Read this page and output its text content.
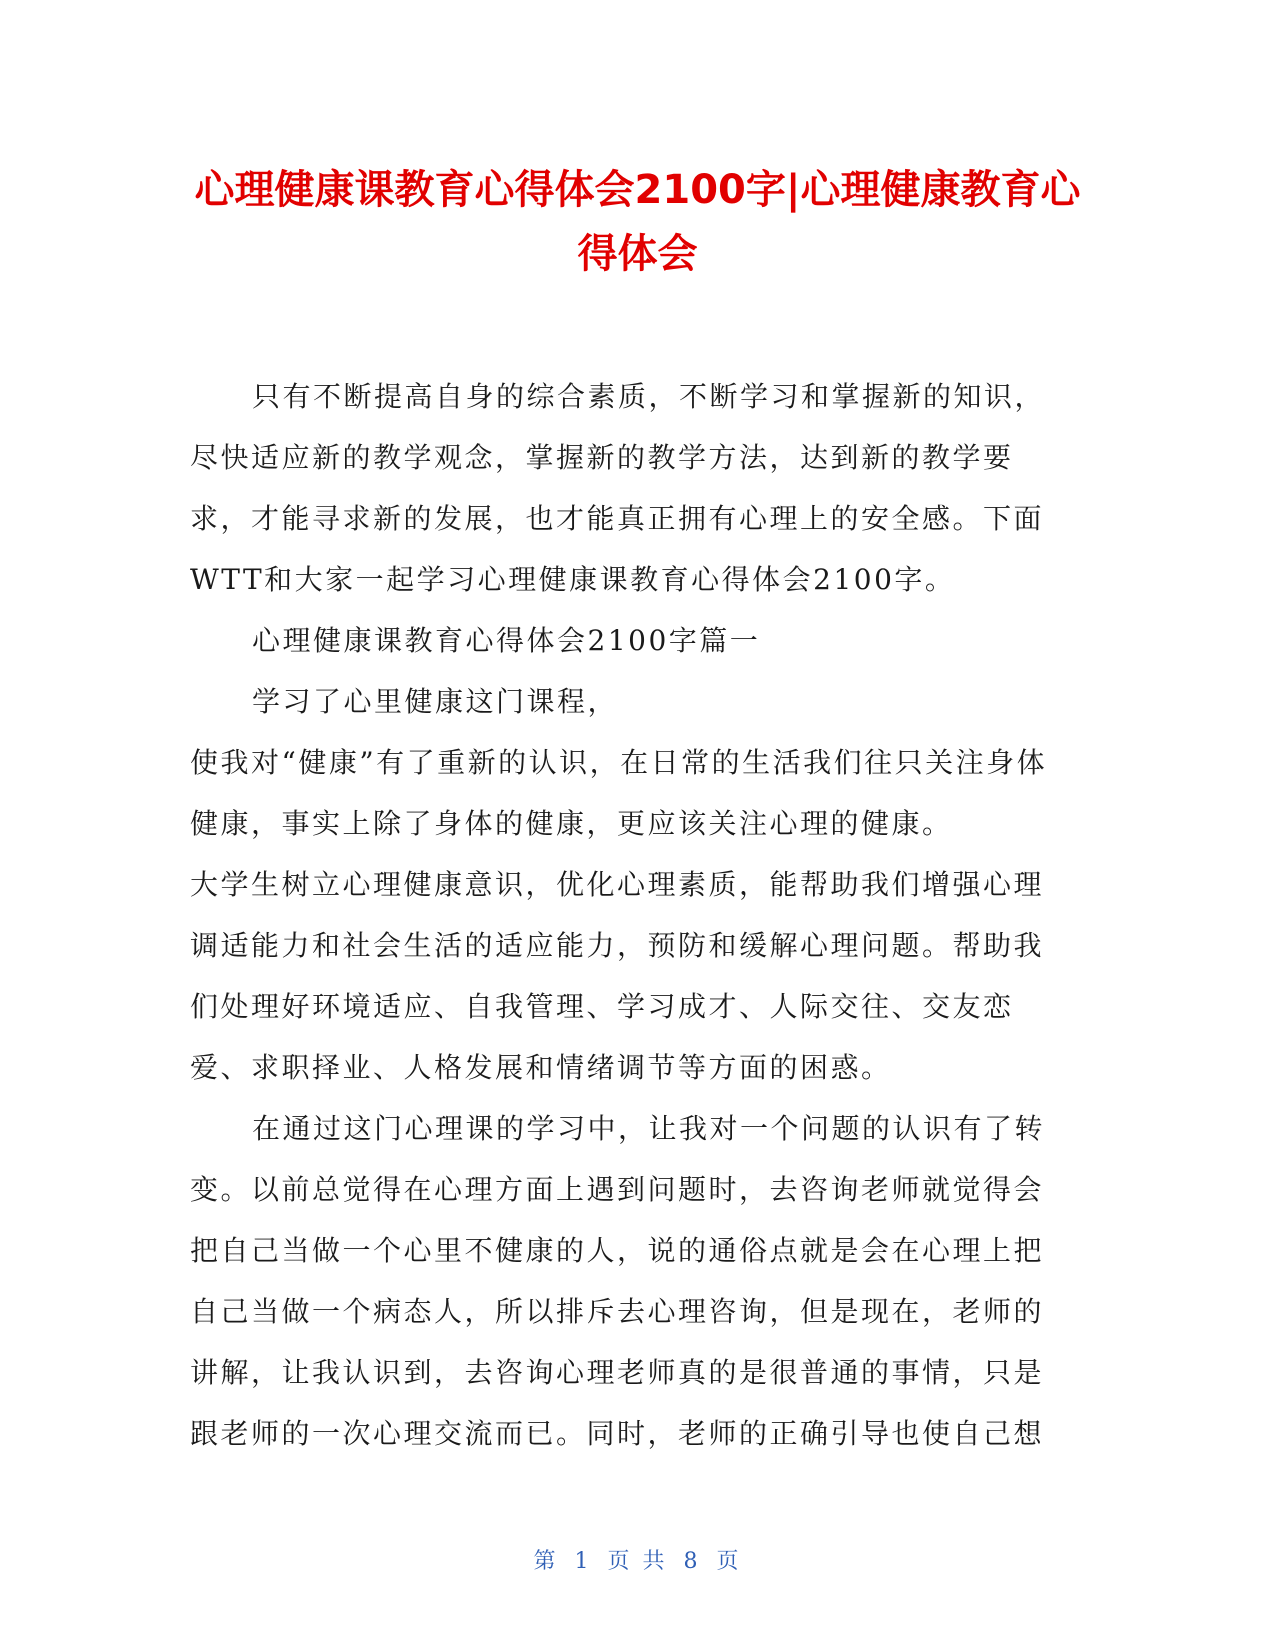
心理健康课教育心得体会2100字|心理健康教育心得体会

只有不断提高自身的综合素质，不断学习和掌握新的知识，尽快适应新的教学观念，掌握新的教学方法，达到新的教学要求，才能寻求新的发展，也才能真正拥有心理上的安全感。下面WTT和大家一起学习心理健康课教育心得体会2100字。

心理健康课教育心得体会2100字篇一

学习了心里健康这门课程，

使我对“健康”有了重新的认识，在日常的生活我们往只关注身体健康，事实上除了身体的健康，更应该关注心理的健康。

大学生树立心理健康意识，优化心理素质，能帮助我们增强心理调适能力和社会生活的适应能力，预防和缓解心理问题。帮助我们处理好环境适应、自我管理、学习成才、人际交往、交友恋爱、求职择业、人格发展和情绪调节等方面的困惑。

在通过这门心理课的学习中，让我对一个问题的认识有了转变。以前总觉得在心理方面上遇到问题时，去咨询老师就觉得会把自己当做一个心里不健康的人，说的通俗点就是会在心理上把自己当做一个病态人，所以排斥去心理咨询，但是现在，老师的讲解，让我认识到，去咨询心理老师真的是很普通的事情，只是跟老师的一次心理交流而已。同时，老师的正确引导也使自己想

第 1 页 共 8 页
